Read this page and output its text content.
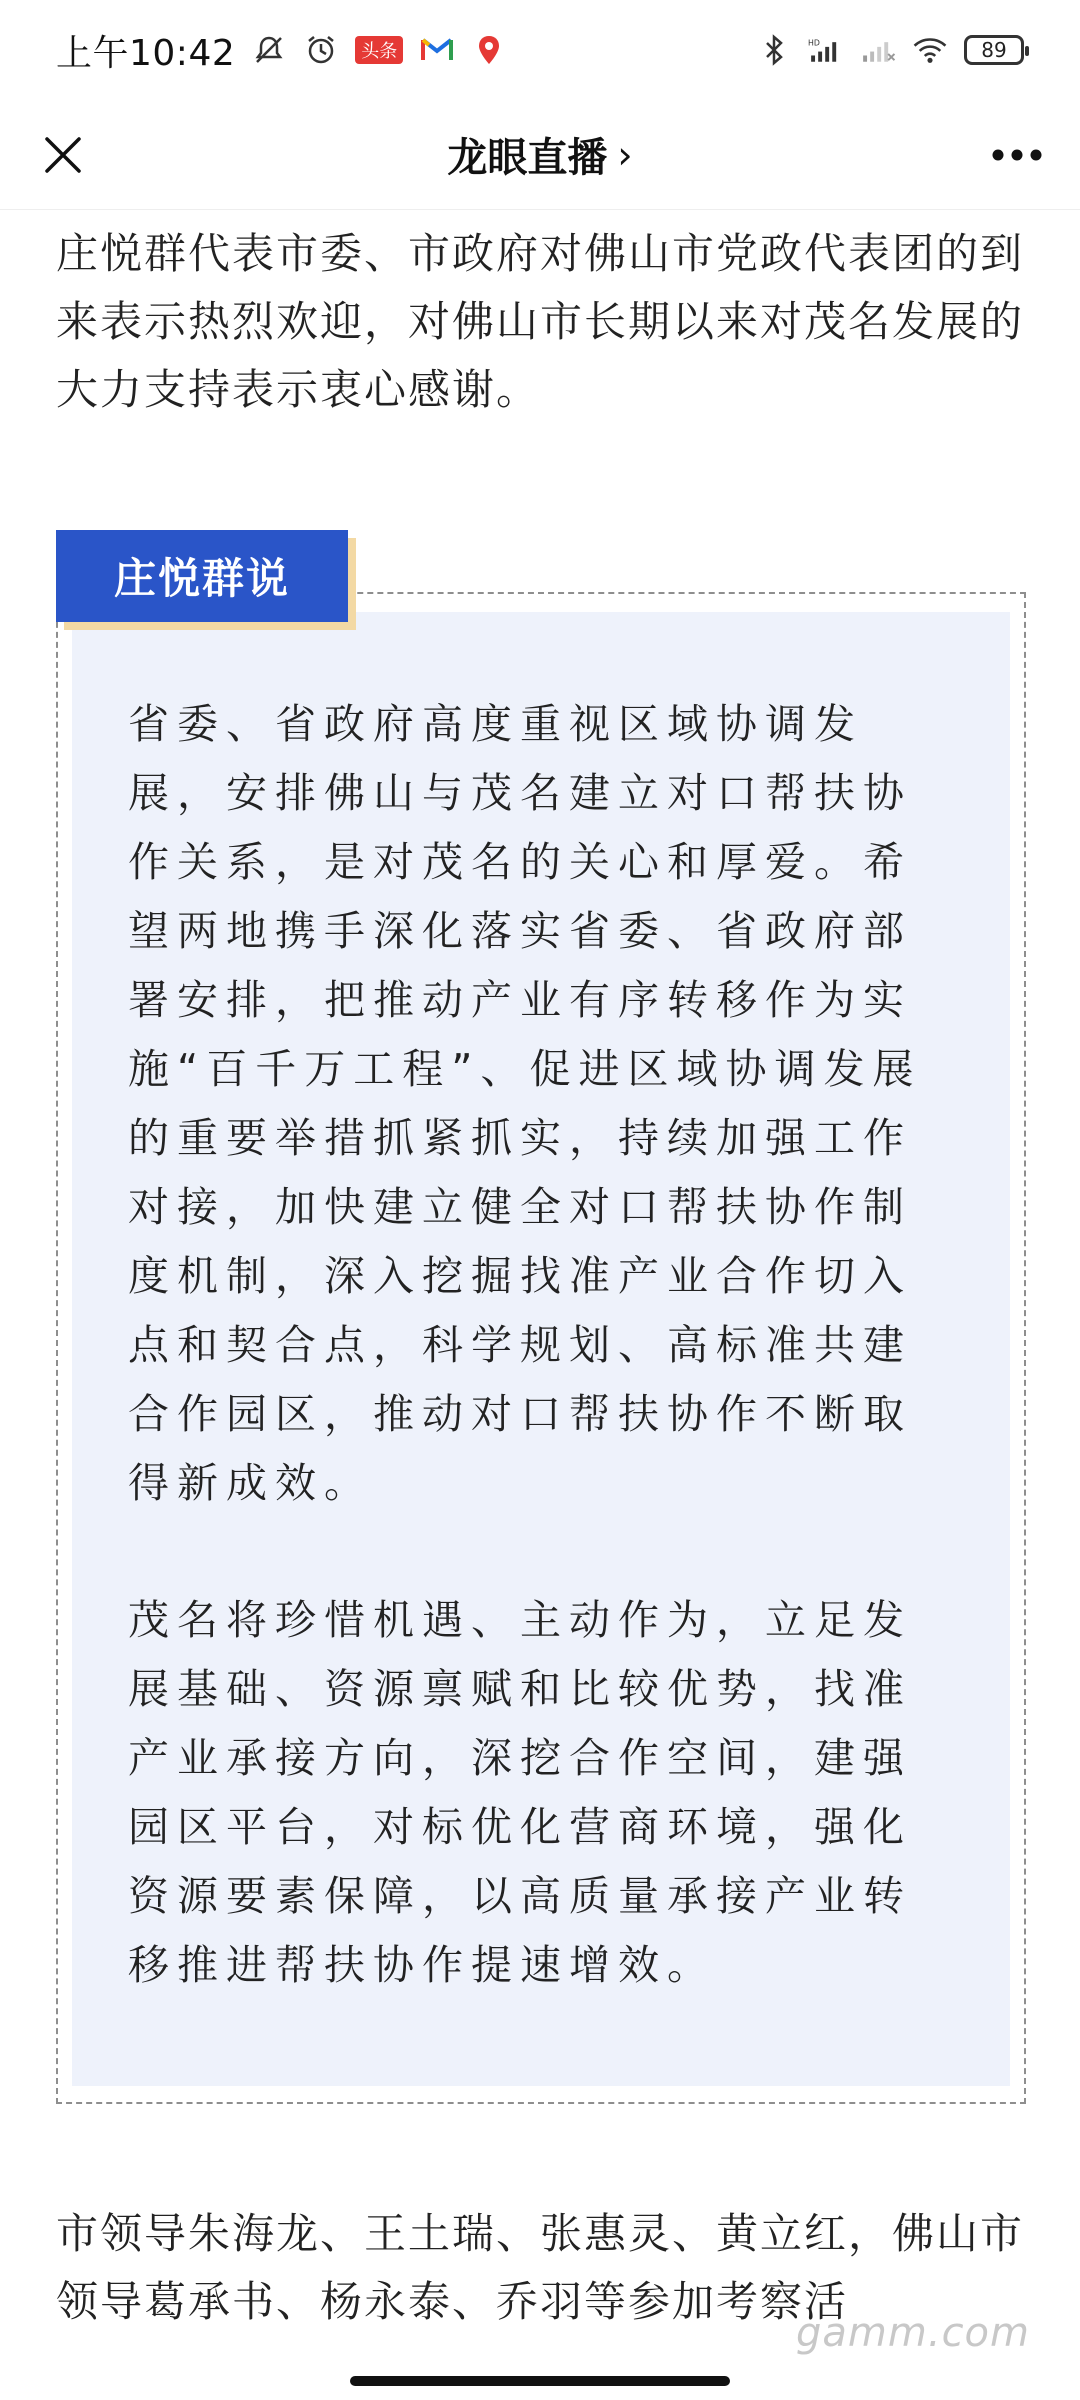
上午10:42	头条	HD	89
龙眼直播 ›

庄悦群代表市委、市政府对佛山市党政代表团的到来表示热烈欢迎，对佛山市长期以来对茂名发展的大力支持表示衷心感谢。

庄悦群说

省委、省政府高度重视区域协调发展，安排佛山与茂名建立对口帮扶协作关系，是对茂名的关心和厚爱。希望两地携手深化落实省委、省政府部署安排，把推动产业有序转移作为实施“百千万工程”、促进区域协调发展的重要举措抓紧抓实，持续加强工作对接，加快建立健全对口帮扶协作制度机制，深入挖掘找准产业合作切入点和契合点，科学规划、高标准共建合作园区，推动对口帮扶协作不断取得新成效。

茂名将珍惜机遇、主动作为，立足发展基础、资源禀赋和比较优势，找准产业承接方向，深挖合作空间，建强园区平台，对标优化营商环境，强化资源要素保障，以高质量承接产业转移推进帮扶协作提速增效。

市领导朱海龙、王土瑞、张惠灵、黄立红，佛山市领导葛承书、杨永泰、乔羽等参加考察活

gamm.com
